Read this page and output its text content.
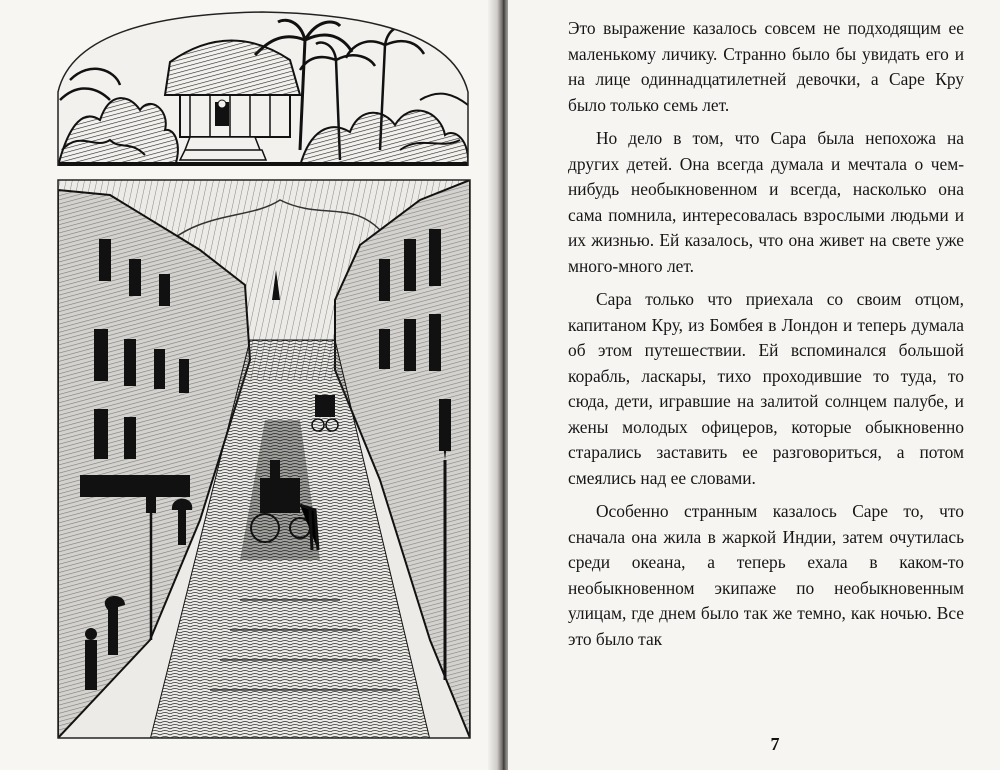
Это выражение казалось совсем не подходящим ее маленькому личику. Странно было бы увидать его и на лице одиннадцатилетней девочки, а Саре Кру было только семь лет.

Но дело в том, что Сара была непохожа на других детей. Она всегда думала и мечтала о чем-нибудь необыкновенном и всегда, насколько она сама помнила, интересовалась взрослыми людьми и их жизнью. Ей казалось, что она живет на свете уже много-много лет.

Сара только что приехала со своим отцом, капитаном Кру, из Бомбея в Лондон и теперь думала об этом путешествии. Ей вспоминался большой корабль, ласкары, тихо проходившие то туда, то сюда, дети, игравшие на залитой солнцем палубе, и жены молодых офицеров, которые обыкновенно старались заставить ее разговориться, а потом смеялись над ее словами.

Особенно странным казалось Саре то, что сначала она жила в жаркой Индии, затем очутилась среди океана, а теперь ехала в каком-то необыкновенном экипаже по необыкновенным улицам, где днем было так же темно, как ночью. Все это было так

7
